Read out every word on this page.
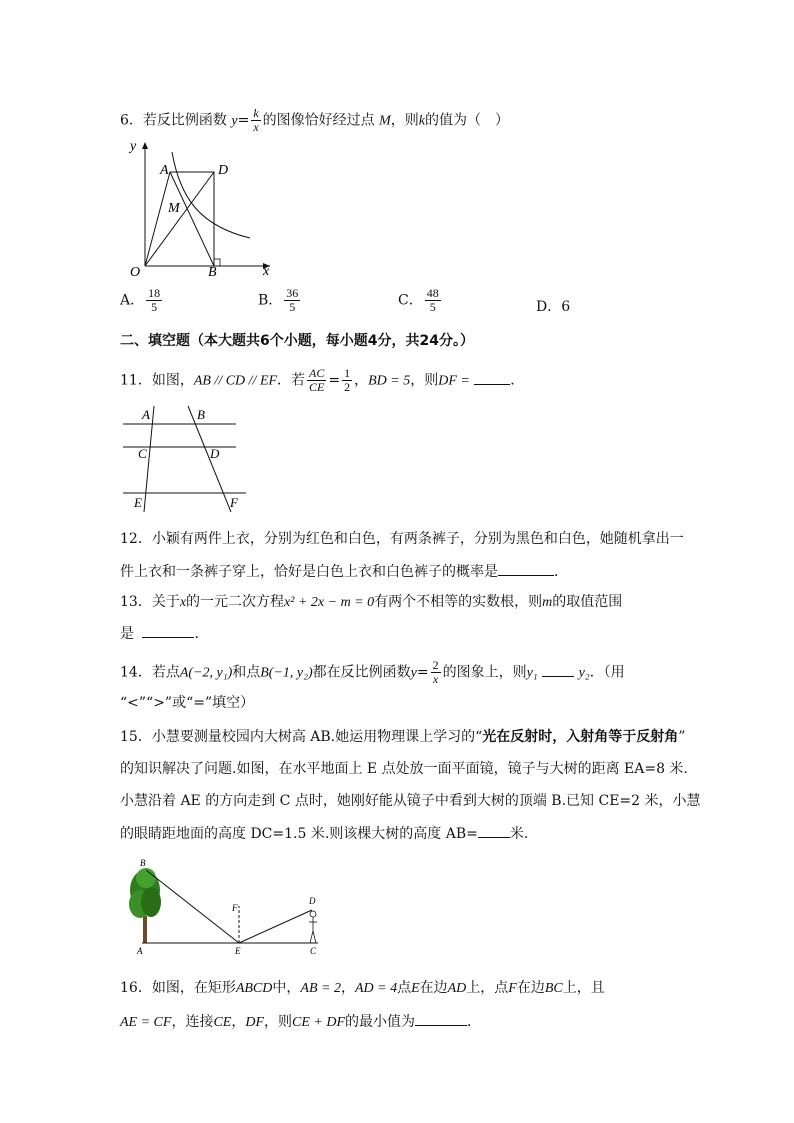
6．若反比例函数 $y= \frac{k}{x}$ 的图像恰好经过点 M，则k的值为（　）
y
x
O
A	D
M
B
A． $\frac{18}{5}$	B． $\frac{36}{5}$	C． $\frac{48}{5}$	D．6
二、填空题（本大题共6个小题，每小题4分，共24分。）
11．如图，AB // CD // EF．若 $\frac{AC}{CE} = \frac{1}{2}$ ，BD = 5，则DF =	．
A	B
C	D
E	F
12．小颖有两件上衣，分别为红色和白色，有两条裤子，分别为黑色和白色，她随机拿出一
件上衣和一条裤子穿上，恰好是白色上衣和白色裤子的概率是	．
13．关于x的一元二次方程x² + 2x − m = 0有两个不相等的实数根，则m的取值范围
是	．
14．若点A(−2, y₁)和点B(−1, y₂)都在反比例函数$y= \frac{2}{x}$ 的图象上，则y₁	y₂．（用
“<”“>”或“=”填空）
15．小慧要测量校园内大树高 AB.她运用物理课上学习的“光在反射时，入射角等于反射角”
的知识解决了问题.如图，在水平地面上 E 点处放一面平面镜，镜子与大树的距离 EA=8 米.
小慧沿着 AE 的方向走到 C 点时，她刚好能从镜子中看到大树的顶端 B.已知 CE=2 米，小慧
的眼睛距地面的高度 DC=1.5 米.则该棵大树的高度 AB= 米.
B
F
D
A	E	C
16．如图，在矩形ABCD中，AB = 2，AD = 4点E在边AD上，点F在边BC上，且
AE = CF，连接CE，DF，则CE + DF的最小值为	．
